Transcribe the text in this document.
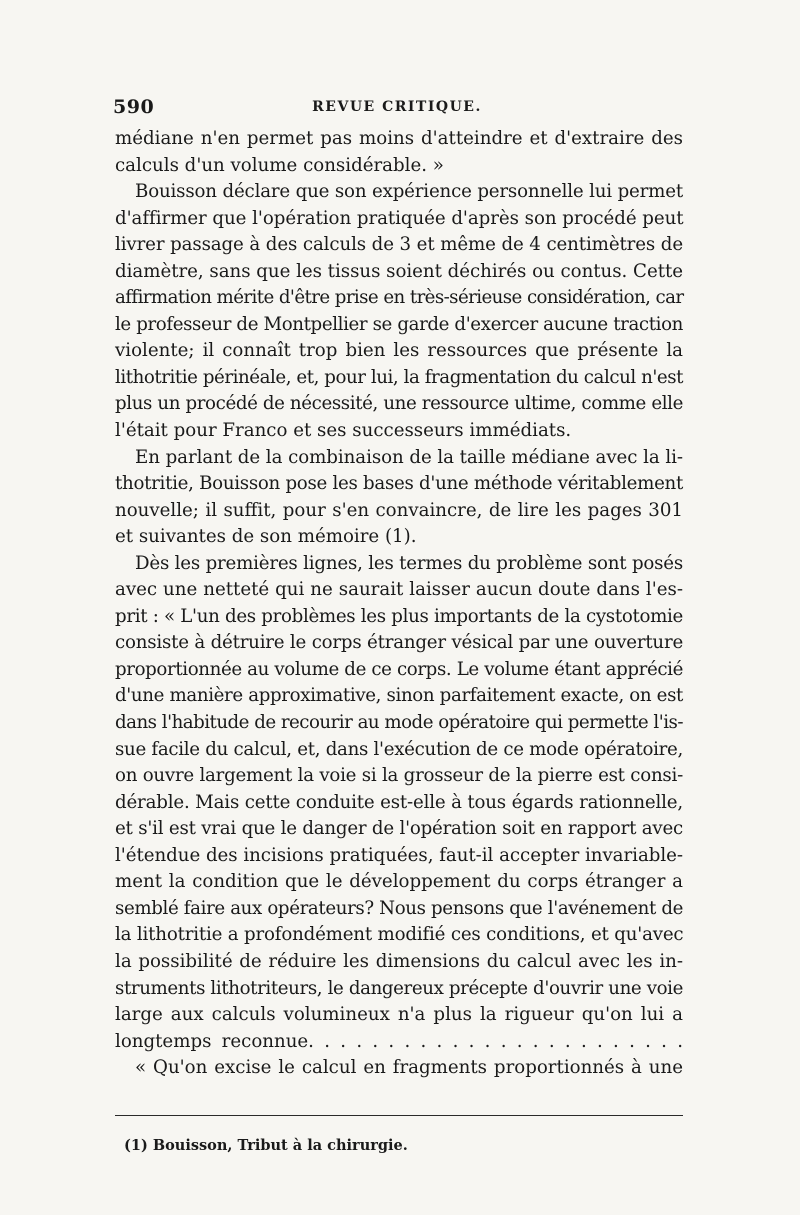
590	REVUE CRITIQUE.
médiane n'en permet pas moins d'atteindre et d'extraire des
calculs d'un volume considérable. »
Bouisson déclare que son expérience personnelle lui permet
d'affirmer que l'opération pratiquée d'après son procédé peut
livrer passage à des calculs de 3 et même de 4 centimètres de
diamètre, sans que les tissus soient déchirés ou contus. Cette
affirmation mérite d'être prise en très-sérieuse considération, car
le professeur de Montpellier se garde d'exercer aucune traction
violente; il connaît trop bien les ressources que présente la
lithotritie périnéale, et, pour lui, la fragmentation du calcul n'est
plus un procédé de nécessité, une ressource ultime, comme elle
l'était pour Franco et ses successeurs immédiats.
En parlant de la combinaison de la taille médiane avec la li-
thotritie, Bouisson pose les bases d'une méthode véritablement
nouvelle; il suffit, pour s'en convaincre, de lire les pages 301
et suivantes de son mémoire (1).
Dès les premières lignes, les termes du problème sont posés
avec une netteté qui ne saurait laisser aucun doute dans l'es-
prit : « L'un des problèmes les plus importants de la cystotomie
consiste à détruire le corps étranger vésical par une ouverture
proportionnée au volume de ce corps. Le volume étant apprécié
d'une manière approximative, sinon parfaitement exacte, on est
dans l'habitude de recourir au mode opératoire qui permette l'is-
sue facile du calcul, et, dans l'exécution de ce mode opératoire,
on ouvre largement la voie si la grosseur de la pierre est consi-
dérable. Mais cette conduite est-elle à tous égards rationnelle,
et s'il est vrai que le danger de l'opération soit en rapport avec
l'étendue des incisions pratiquées, faut-il accepter invariable-
ment la condition que le développement du corps étranger a
semblé faire aux opérateurs? Nous pensons que l'avénement de
la lithotritie a profondément modifié ces conditions, et qu'avec
la possibilité de réduire les dimensions du calcul avec les in-
struments lithotriteurs, le dangereux précepte d'ouvrir une voie
large aux calculs volumineux n'a plus la rigueur qu'on lui a
longtemps reconnue. . . . . . . . . . . . . . . . . . . . . . . .
« Qu'on excise le calcul en fragments proportionnés à une
(1) Bouisson, Tribut à la chirurgie.
